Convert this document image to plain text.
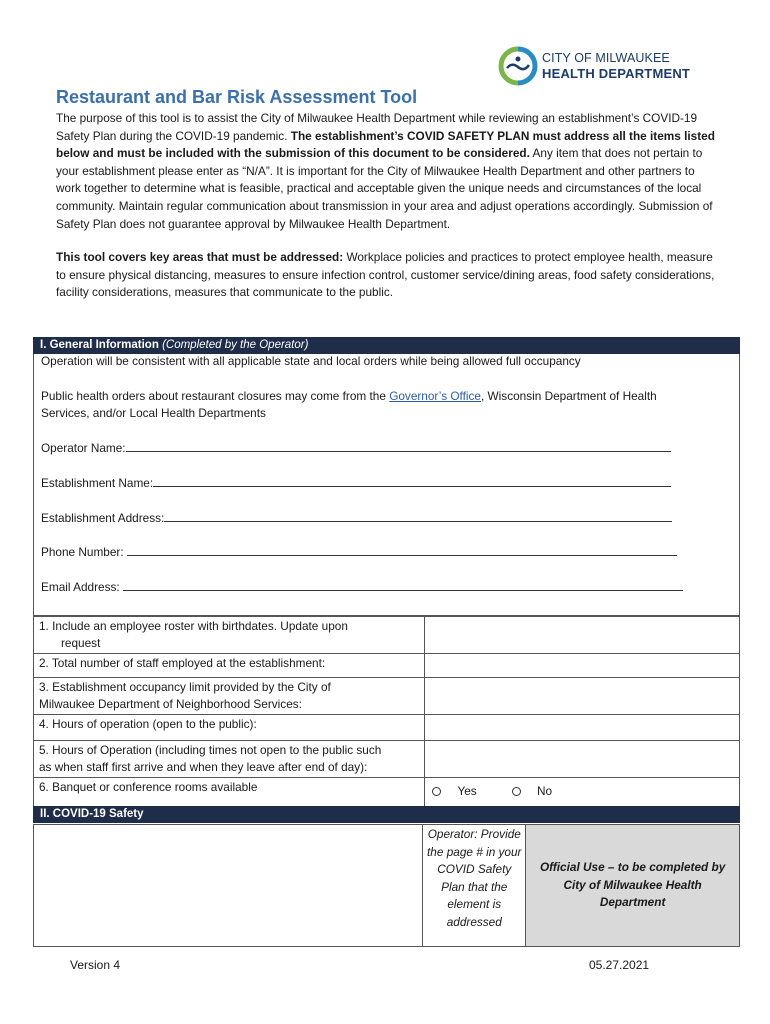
CITY OF MILWAUKEE
HEALTH DEPARTMENT
Restaurant and Bar Risk Assessment Tool

The purpose of this tool is to assist the City of Milwaukee Health Department while reviewing an establishment’s COVID-19 Safety Plan during the COVID-19 pandemic. The establishment’s COVID SAFETY PLAN must address all the items listed below and must be included with the submission of this document to be considered. Any item that does not pertain to your establishment please enter as “N/A”. It is important for the City of Milwaukee Health Department and other partners to work together to determine what is feasible, practical and acceptable given the unique needs and circumstances of the local community. Maintain regular communication about transmission in your area and adjust operations accordingly. Submission of Safety Plan does not guarantee approval by Milwaukee Health Department.

This tool covers key areas that must be addressed: Workplace policies and practices to protect employee health, measure to ensure physical distancing, measures to ensure infection control, customer service/dining areas, food safety considerations, facility considerations, measures that communicate to the public.

I. General Information (Completed by the Operator)
Operation will be consistent with all applicable state and local orders while being allowed full occupancy
Public health orders about restaurant closures may come from the Governor’s Office, Wisconsin Department of Health
Services, and/or Local Health Departments
Operator Name:
Establishment Name:
Establishment Address:
Phone Number:
Email Address:
1. Include an employee roster with birthdates. Update upon
request	

2. Total number of staff employed at the establishment:	

3. Establishment occupancy limit provided by the City of
Milwaukee Department of Neighborhood Services:	

4. Hours of operation (open to the public):	

5. Hours of Operation (including times not open to the public such
as when staff first arrive and when they leave after end of day):	

6. Banquet or conference rooms available	Yes No
II. COVID-19 Safety
	Operator: Provide the page # in your COVID Safety Plan that the element is addressed	Official Use – to be completed by City of Milwaukee Health Department
Version 4	05.27.2021
